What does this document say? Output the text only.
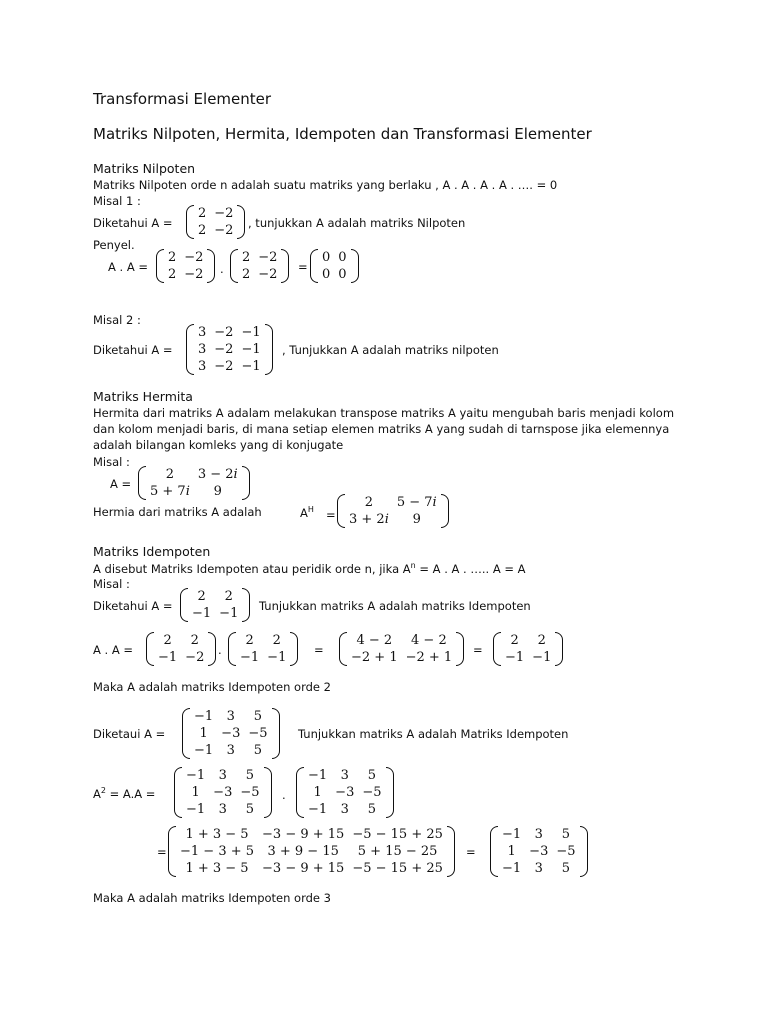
Transformasi Elementer
Matriks Nilpoten, Hermita, Idempoten dan Transformasi Elementer
Matriks Nilpoten
Matriks Nilpoten orde n adalah suatu matriks yang berlaku , A . A . A . A . …. = 0
Misal 1 :
Diketahui A =
2	−2
2	−2 , tunjukkan A adalah matriks Nilpoten
Penyel.
A . A =
2	−2
2	−2 .
2	−2
2	−2 =
0	0
0	0
Misal 2 :
Diketahui A =
3	−2	−1
3	−2	−1
3	−2	−1
, Tunjukkan A adalah matriks nilpoten
Matriks Hermita
Hermita dari matriks A adalam melakukan transpose matriks A yaitu mengubah baris menjadi kolom
dan kolom menjadi baris, di mana setiap elemen matriks A yang sudah di tarnspose jika elemennya
adalah bilangan komleks yang di konjugate
Misal :
A =
2	3 − 2𝑖
5 + 7𝑖	9
Hermia dari matriks A adalah	$A^H$ =
2	5 − 7𝑖
3 + 2𝑖	9
Matriks Idempoten
A disebut Matriks Idempoten atau peridik orde n, jika $A^n = A$ . A . ….. A = A
Misal :
Diketahui A =
2	2
−1	−1 Tunjukkan matriks A adalah matriks Idempoten
A . A =
2	2
−1	−2 .
2	2
−1	−1 =
4 − 2	4 − 2
−2 + 1	−2 + 1 =
2	2
−1	−1
Maka A adalah matriks Idempoten orde 2
Diketaui A =
−1	3	5
1	−3	−5
−1	3	5
Tunjukkan matriks A adalah Matriks Idempoten
$A^2 = A.A$ =
−1	3	5
1	−3	−5
−1	3	5
.
−1	3	5
1	−3	−5
−1	3	5
=
1 + 3 − 5	−3 − 9 + 15	−5 − 15 + 25
−1 − 3 + 5	3 + 9 − 15	5 + 15 − 25
1 + 3 − 5	−3 − 9 + 15	−5 − 15 + 25
=
−1	3	5
1	−3	−5
−1	3	5
Maka A adalah matriks Idempoten orde 3
